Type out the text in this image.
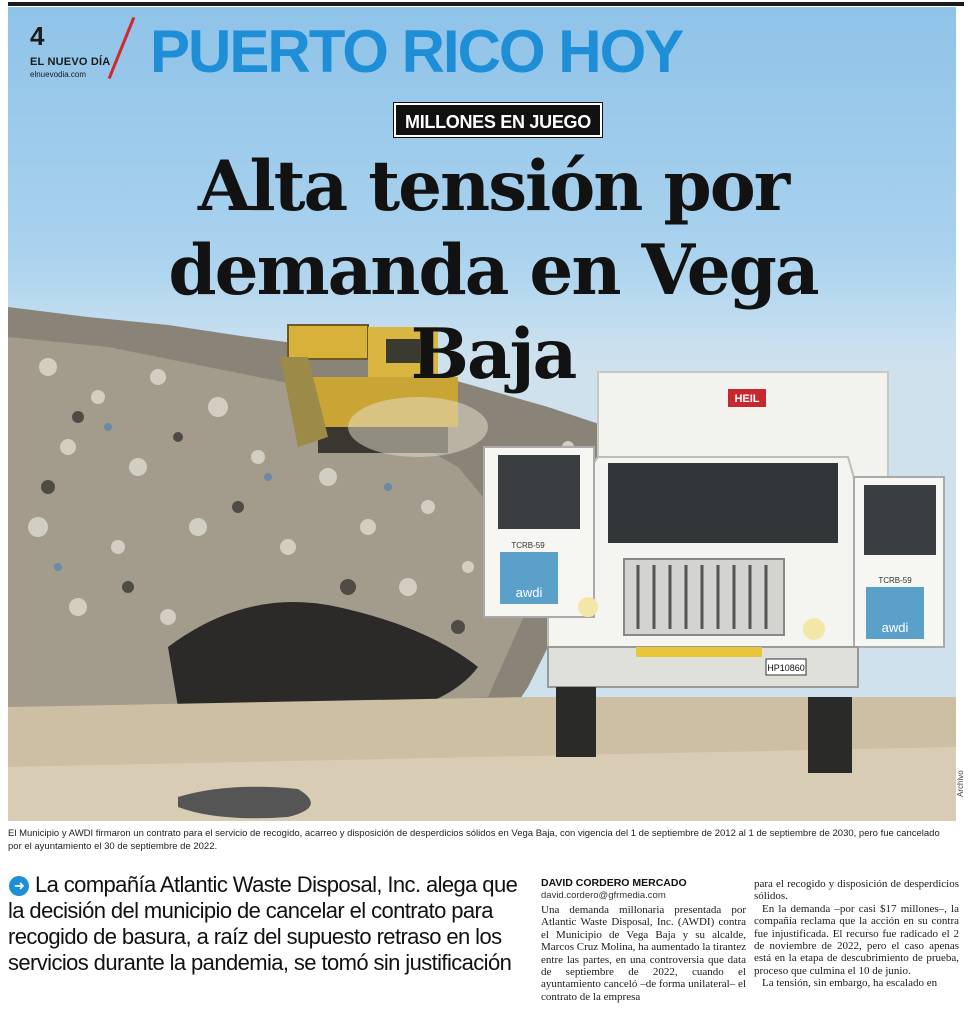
HEIL
awdi
TCRB-59
awdi
TCRB-59
HP10860
4
EL NUEVO DÍA
elnuevodia.com PUERTO RICO HOY
MILLONES EN JUEGO
Alta tensión por
demanda en Vega Baja
Archivo
El Municipio y AWDI firmaron un contrato para el servicio de recogido, acarreo y disposición de desperdicios sólidos en Vega Baja, con vigencia del 1 de septiembre de 2012 al 1 de septiembre de 2030, pero fue cancelado por el ayuntamiento el 30 de septiembre de 2022.
➜ La compañía Atlantic Waste Disposal, Inc. alega que la decisión del municipio de cancelar el contrato para recogido de basura, a raíz del supuesto retraso en los servicios durante la pandemia, se tomó sin justificación
DAVID CORDERO MERCADO
david.cordero@gfrmedia.com

Una demanda millonaria presentada por Atlantic Waste Disposal, Inc. (AWDI) contra el Municipio de Vega Baja y su alcalde, Marcos Cruz Molina, ha aumentado la tirantez entre las partes, en una controversia que data de septiembre de 2022, cuando el ayuntamiento canceló –de forma unilateral– el contrato de la empresa

para el recogido y disposición de desperdicios sólidos.

En la demanda –por casi $17 millones–, la compañía reclama que la acción en su contra fue injustificada. El recurso fue radicado el 2 de noviembre de 2022, pero el caso apenas está en la etapa de descubrimiento de prueba, proceso que culmina el 10 de junio.

La tensión, sin embargo, ha escalado en
